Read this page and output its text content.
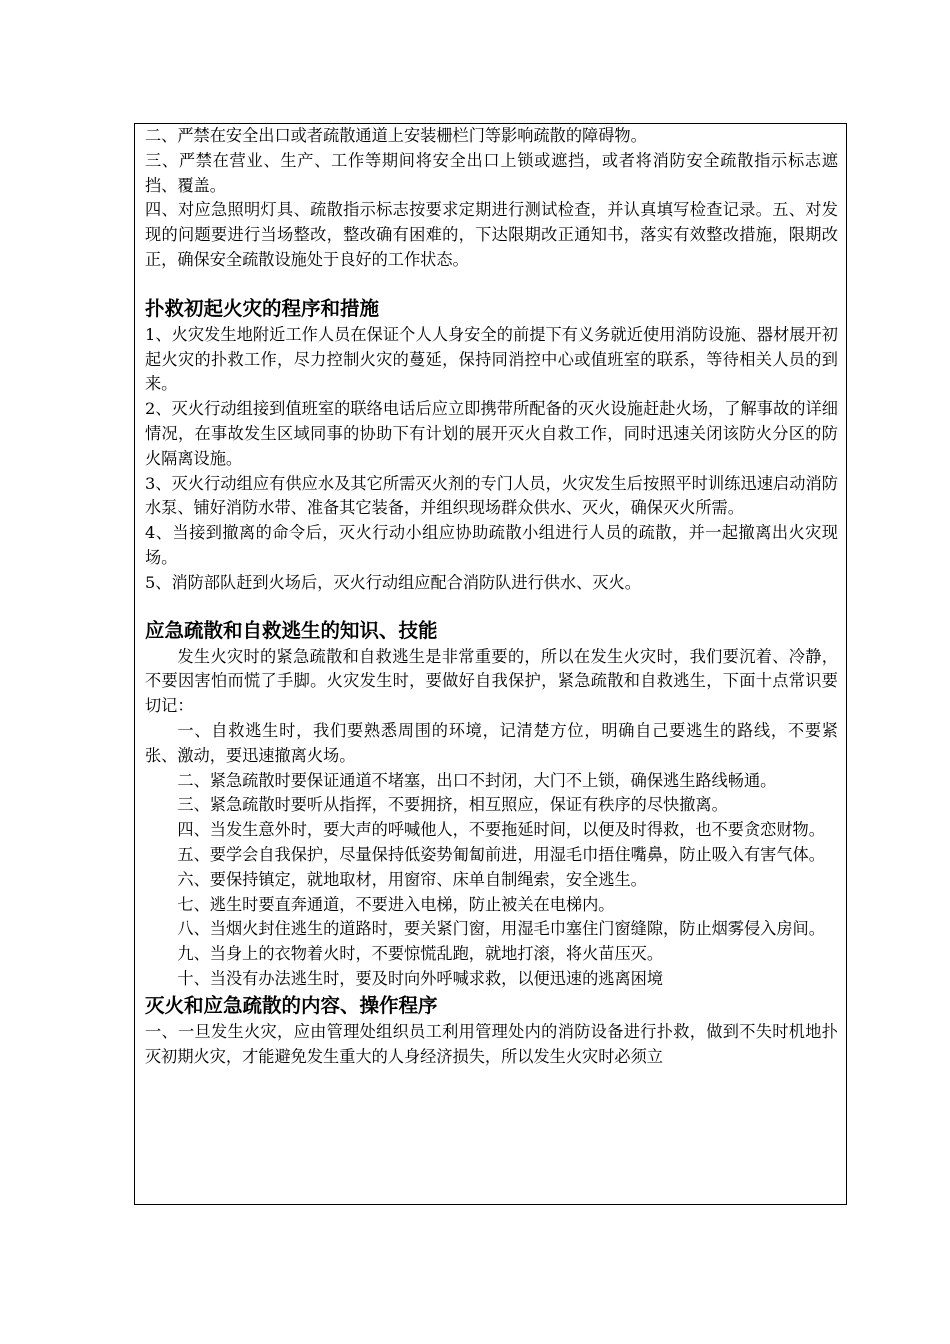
二、严禁在安全出口或者疏散通道上安装栅栏门等影响疏散的障碍物。

三、严禁在营业、生产、工作等期间将安全出口上锁或遮挡，或者将消防安全疏散指示标志遮挡、覆盖。

四、对应急照明灯具、疏散指示标志按要求定期进行测试检查，并认真填写检查记录。五、对发现的问题要进行当场整改，整改确有困难的，下达限期改正通知书，落实有效整改措施，限期改正，确保安全疏散设施处于良好的工作状态。

扑救初起火灾的程序和措施

1、火灾发生地附近工作人员在保证个人人身安全的前提下有义务就近使用消防设施、器材展开初起火灾的扑救工作，尽力控制火灾的蔓延，保持同消控中心或值班室的联系，等待相关人员的到来。

2、灭火行动组接到值班室的联络电话后应立即携带所配备的灭火设施赶赴火场，了解事故的详细情况，在事故发生区域同事的协助下有计划的展开灭火自救工作，同时迅速关闭该防火分区的防火隔离设施。

3、灭火行动组应有供应水及其它所需灭火剂的专门人员，火灾发生后按照平时训练迅速启动消防水泵、铺好消防水带、准备其它装备，并组织现场群众供水、灭火，确保灭火所需。

4、当接到撤离的命令后，灭火行动小组应协助疏散小组进行人员的疏散，并一起撤离出火灾现场。

5、消防部队赶到火场后，灭火行动组应配合消防队进行供水、灭火。

应急疏散和自救逃生的知识、技能

发生火灾时的紧急疏散和自救逃生是非常重要的，所以在发生火灾时，我们要沉着、冷静，不要因害怕而慌了手脚。火灾发生时，要做好自我保护，紧急疏散和自救逃生，下面十点常识要切记：

一、自救逃生时，我们要熟悉周围的环境，记清楚方位，明确自己要逃生的路线，不要紧张、激动，要迅速撤离火场。

二、紧急疏散时要保证通道不堵塞，出口不封闭，大门不上锁，确保逃生路线畅通。

三、紧急疏散时要听从指挥，不要拥挤，相互照应，保证有秩序的尽快撤离。

四、当发生意外时，要大声的呼喊他人，不要拖延时间，以便及时得救，也不要贪恋财物。

五、要学会自我保护，尽量保持低姿势匍匐前进，用湿毛巾捂住嘴鼻，防止吸入有害气体。

六、要保持镇定，就地取材，用窗帘、床单自制绳索，安全逃生。

七、逃生时要直奔通道，不要进入电梯，防止被关在电梯内。

八、当烟火封住逃生的道路时，要关紧门窗，用湿毛巾塞住门窗缝隙，防止烟雾侵入房间。

九、当身上的衣物着火时，不要惊慌乱跑，就地打滚，将火苗压灭。

十、当没有办法逃生时，要及时向外呼喊求救，以便迅速的逃离困境

灭火和应急疏散的内容、操作程序

一、一旦发生火灾，应由管理处组织员工利用管理处内的消防设备进行扑救，做到不失时机地扑灭初期火灾，才能避免发生重大的人身经济损失，所以发生火灾时必须立
